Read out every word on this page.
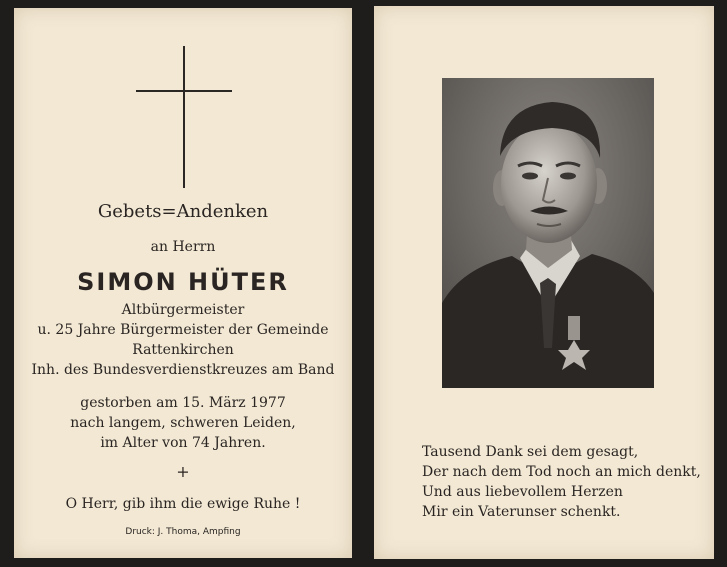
Gebets=Andenken
an Herrn
SIMON HÜTER
Altbürgermeister
u. 25 Jahre Bürgermeister der Gemeinde
Rattenkirchen
Inh. des Bundesverdienstkreuzes am Band
gestorben am 15. März 1977
nach langem, schweren Leiden,
im Alter von 74 Jahren.
+
O Herr, gib ihm die ewige Ruhe !
Druck: J. Thoma, Ampfing
Tausend Dank sei dem gesagt,
Der nach dem Tod noch an mich denkt,
Und aus liebevollem Herzen
Mir ein Vaterunser schenkt.
